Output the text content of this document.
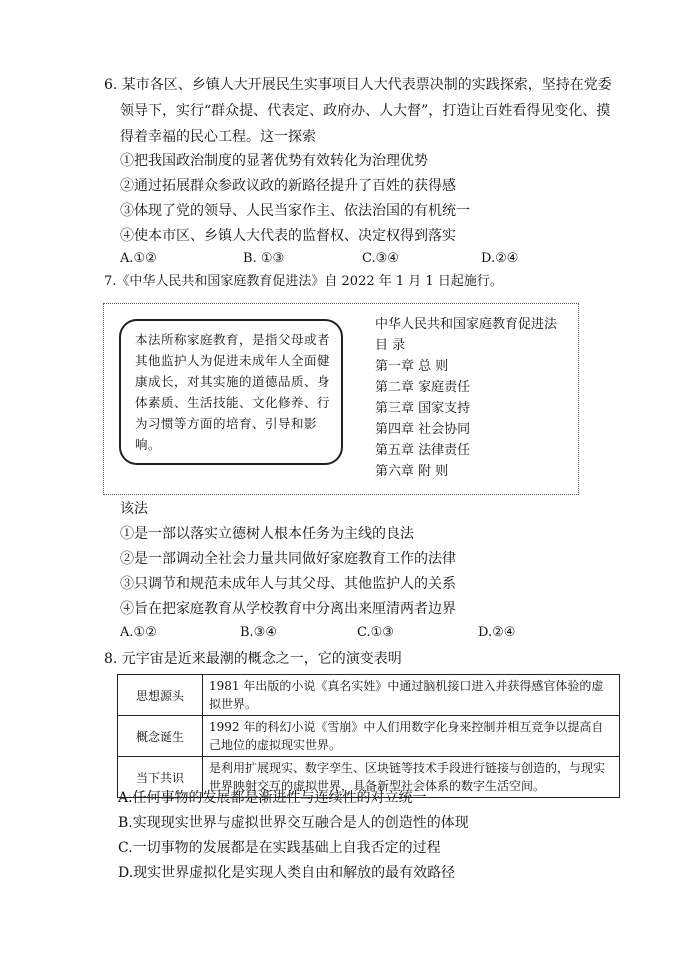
6. 某市各区、乡镇人大开展民生实事项目人大代表票决制的实践探索，坚持在党委
领导下，实行“群众提、代表定、政府办、人大督”，打造让百姓看得见变化、摸
得着幸福的民心工程。这一探索
①把我国政治制度的显著优势有效转化为治理优势
②通过拓展群众参政议政的新路径提升了百姓的获得感
③体现了党的领导、人民当家作主、依法治国的有机统一
④使本市区、乡镇人大代表的监督权、决定权得到落实
A.①②	B. ①③	C.③④	D.②④
7.《中华人民共和国家庭教育促进法》自 2022 年 1 月 1 日起施行。
本法所称家庭教育，是指父母或者其他监护人为促进未成年人全面健康成长，对其实施的道德品质、身体素质、生活技能、文化修养、行为习惯等方面的培育、引导和影响。
中华人民共和国家庭教育促进法
目 录
第一章 总 则
第二章 家庭责任
第三章 国家支持
第四章 社会协同
第五章 法律责任
第六章 附 则
该法
①是一部以落实立德树人根本任务为主线的良法
②是一部调动全社会力量共同做好家庭教育工作的法律
③只调节和规范未成年人与其父母、其他监护人的关系
④旨在把家庭教育从学校教育中分离出来厘清两者边界
A.①②	B.③④	C.①③	D.②④
8. 元宇宙是近来最潮的概念之一，它的演变表明
思想源头	1981 年出版的小说《真名实姓》中通过脑机接口进入并获得感官体验的虚拟世界。
概念诞生	1992 年的科幻小说《雪崩》中人们用数字化身来控制并相互竞争以提高自己地位的虚拟现实世界。
当下共识	是利用扩展现实、数字孪生、区块链等技术手段进行链接与创造的，与现实世界映射交互的虚拟世界，具备新型社会体系的数字生活空间。
A.任何事物的发展都是渐进性与连续性的对立统一
B.实现现实世界与虚拟世界交互融合是人的创造性的体现
C.一切事物的发展都是在实践基础上自我否定的过程
D.现实世界虚拟化是实现人类自由和解放的最有效路径
